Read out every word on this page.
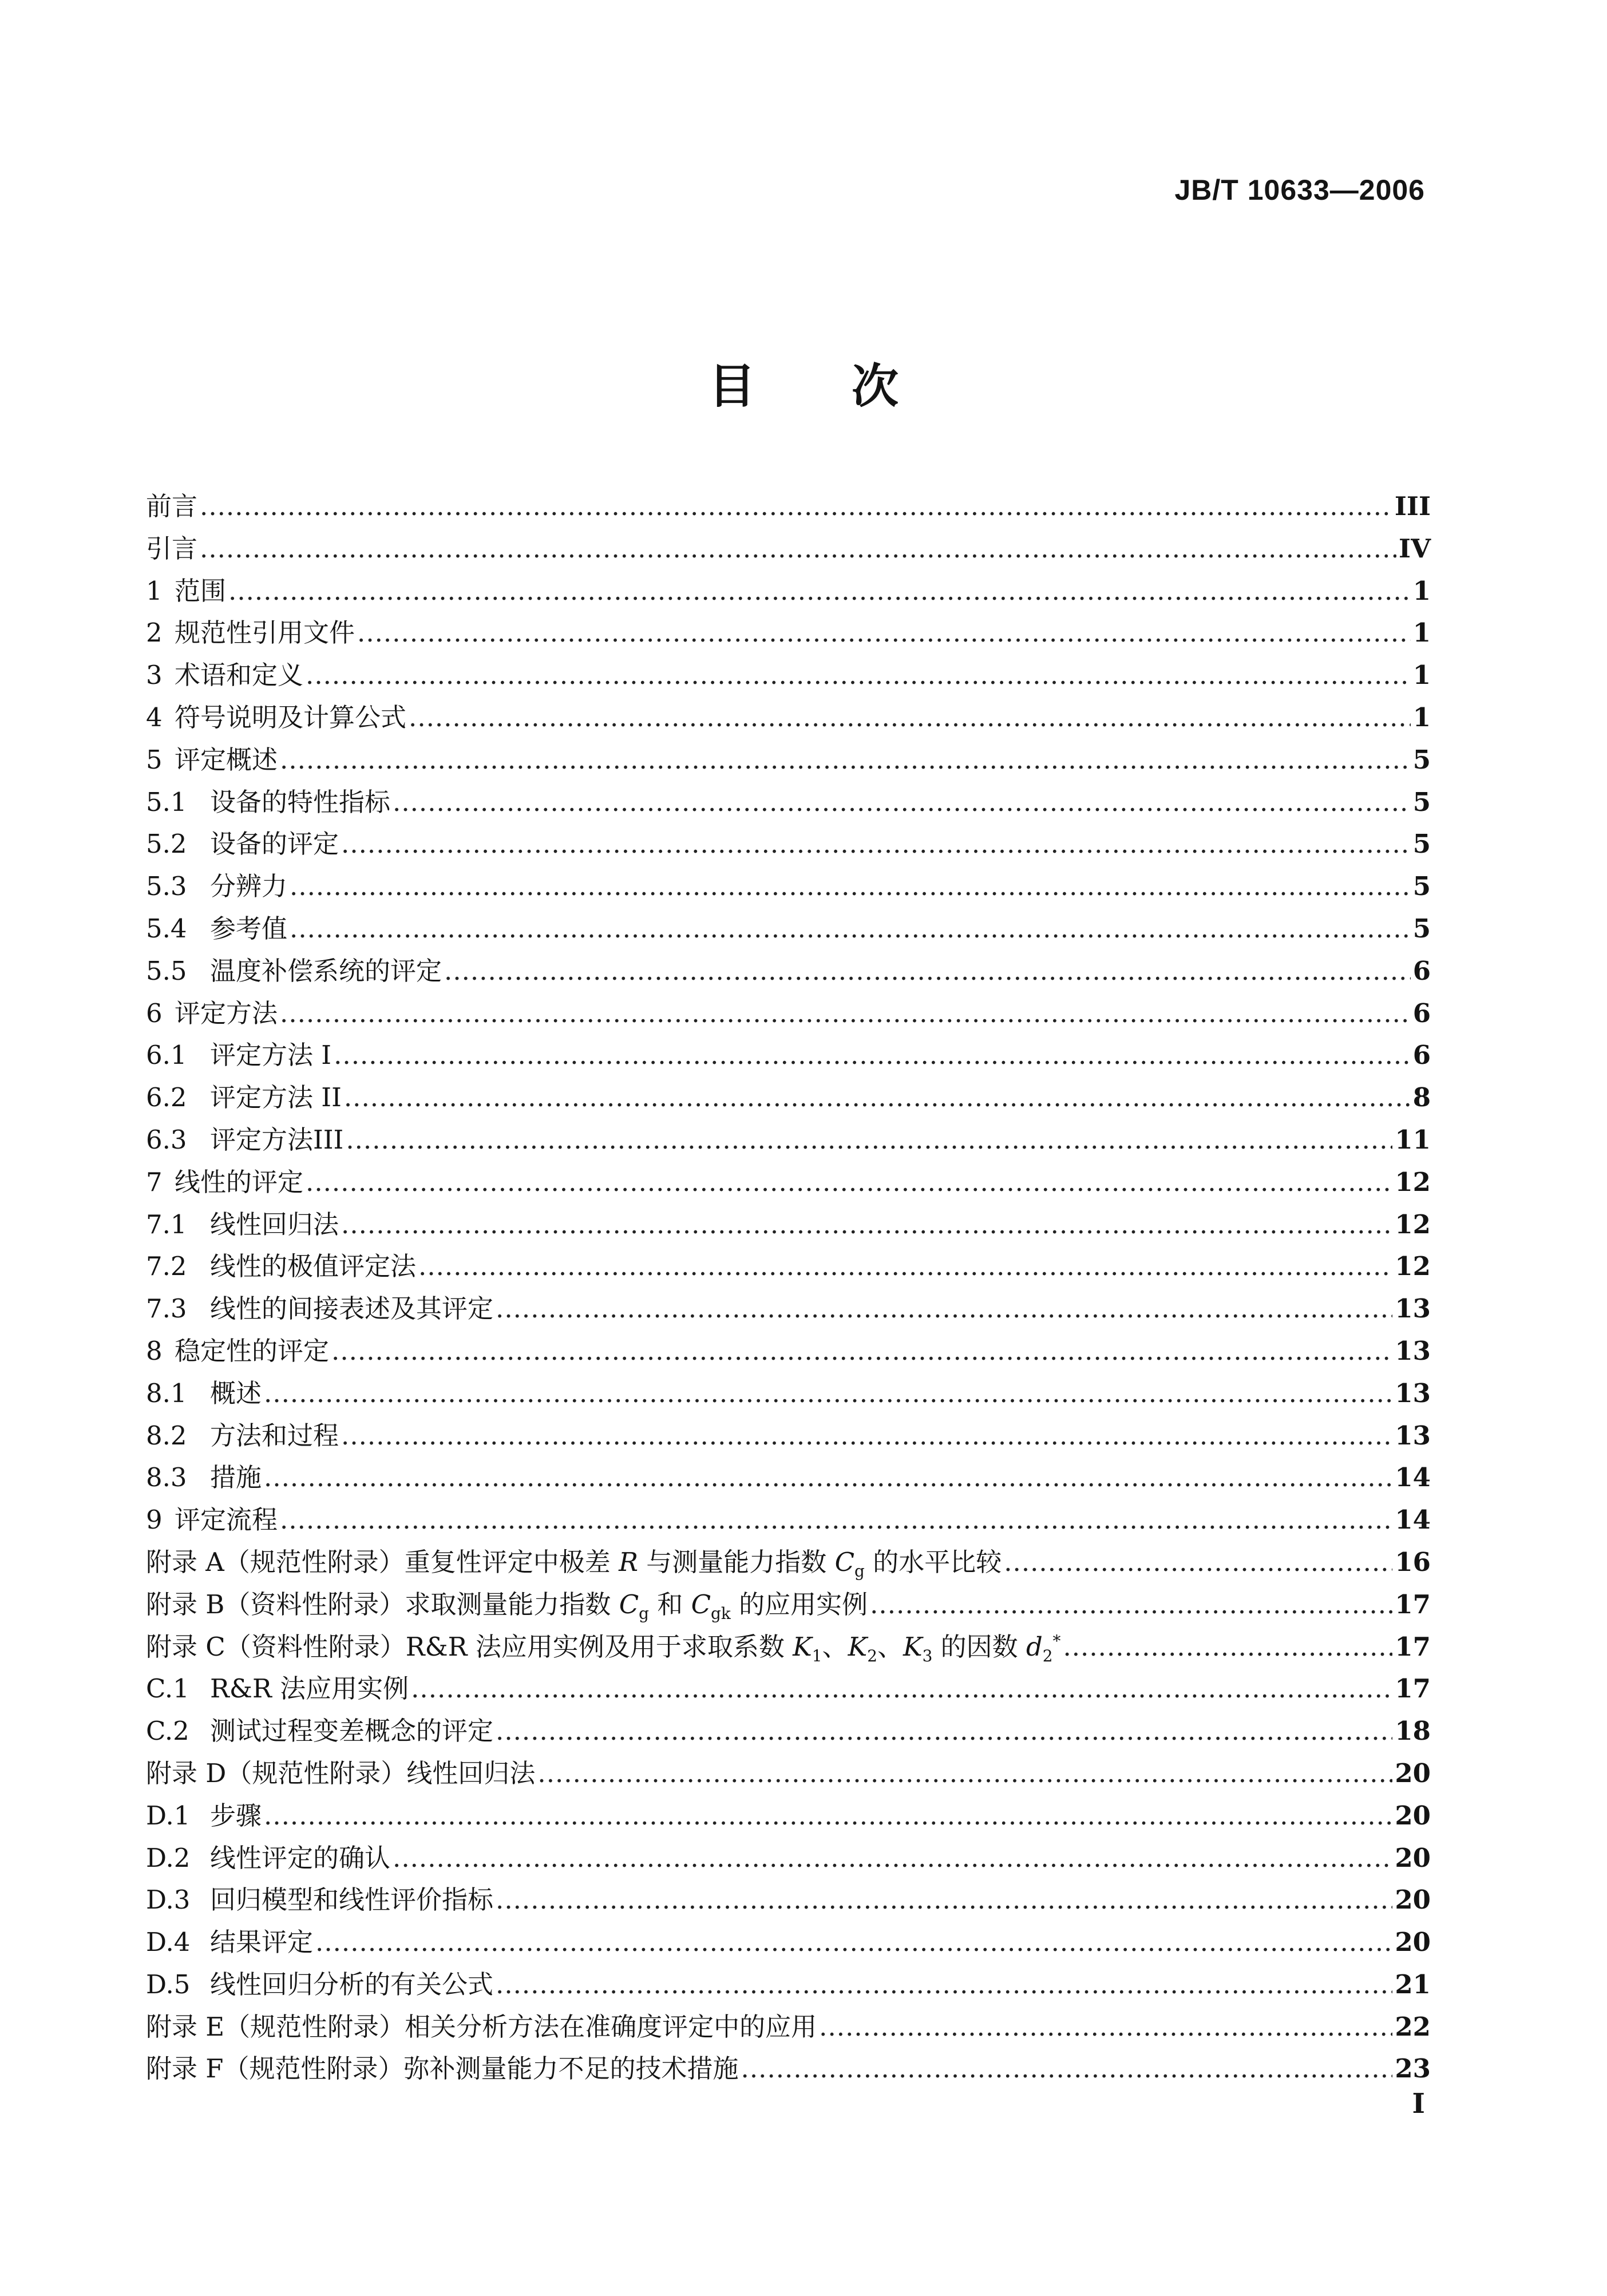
JB/T 10633—2006
目次
前言 .....	III
引言 .....	IV
1 范围 .....	1
2 规范性引用文件 .....	1
3 术语和定义 .....	1
4 符号说明及计算公式 .....	1
5 评定概述 .....	5
5.1 设备的特性指标 .....	5
5.2 设备的评定 .....	5
5.3 分辨力 .....	5
5.4 参考值 .....	5
5.5 温度补偿系统的评定 .....	6
6 评定方法 .....	6
6.1 评定方法 I .....	6
6.2 评定方法 II .....	8
6.3 评定方法III .....	11
7 线性的评定 .....	12
7.1 线性回归法 .....	12
7.2 线性的极值评定法 .....	12
7.3 线性的间接表述及其评定 .....	13
8 稳定性的评定 .....	13
8.1 概述 .....	13
8.2 方法和过程 .....	13
8.3 措施 .....	14
9 评定流程 .....	14
附录 A（规范性附录）重复性评定中极差 R 与测量能力指数 $C_g$ 的水平比较 .....	16
附录 B（资料性附录）求取测量能力指数 $C_g$ 和 $C_{gk}$ 的应用实例 .....	17
附录 C（资料性附录）R&R 法应用实例及用于求取系数 $K_1$、$K_2$、$K_3$ 的因数 $d_2^*$ .....	17
C.1 R&R 法应用实例 .....	17
C.2 测试过程变差概念的评定 .....	18
附录 D（规范性附录）线性回归法 .....	20
D.1 步骤 .....	20
D.2 线性评定的确认 .....	20
D.3 回归模型和线性评价指标 .....	20
D.4 结果评定 .....	20
D.5 线性回归分析的有关公式 .....	21
附录 E（规范性附录）相关分析方法在准确度评定中的应用 .....	22
附录 F（规范性附录）弥补测量能力不足的技术措施 .....	23
I
